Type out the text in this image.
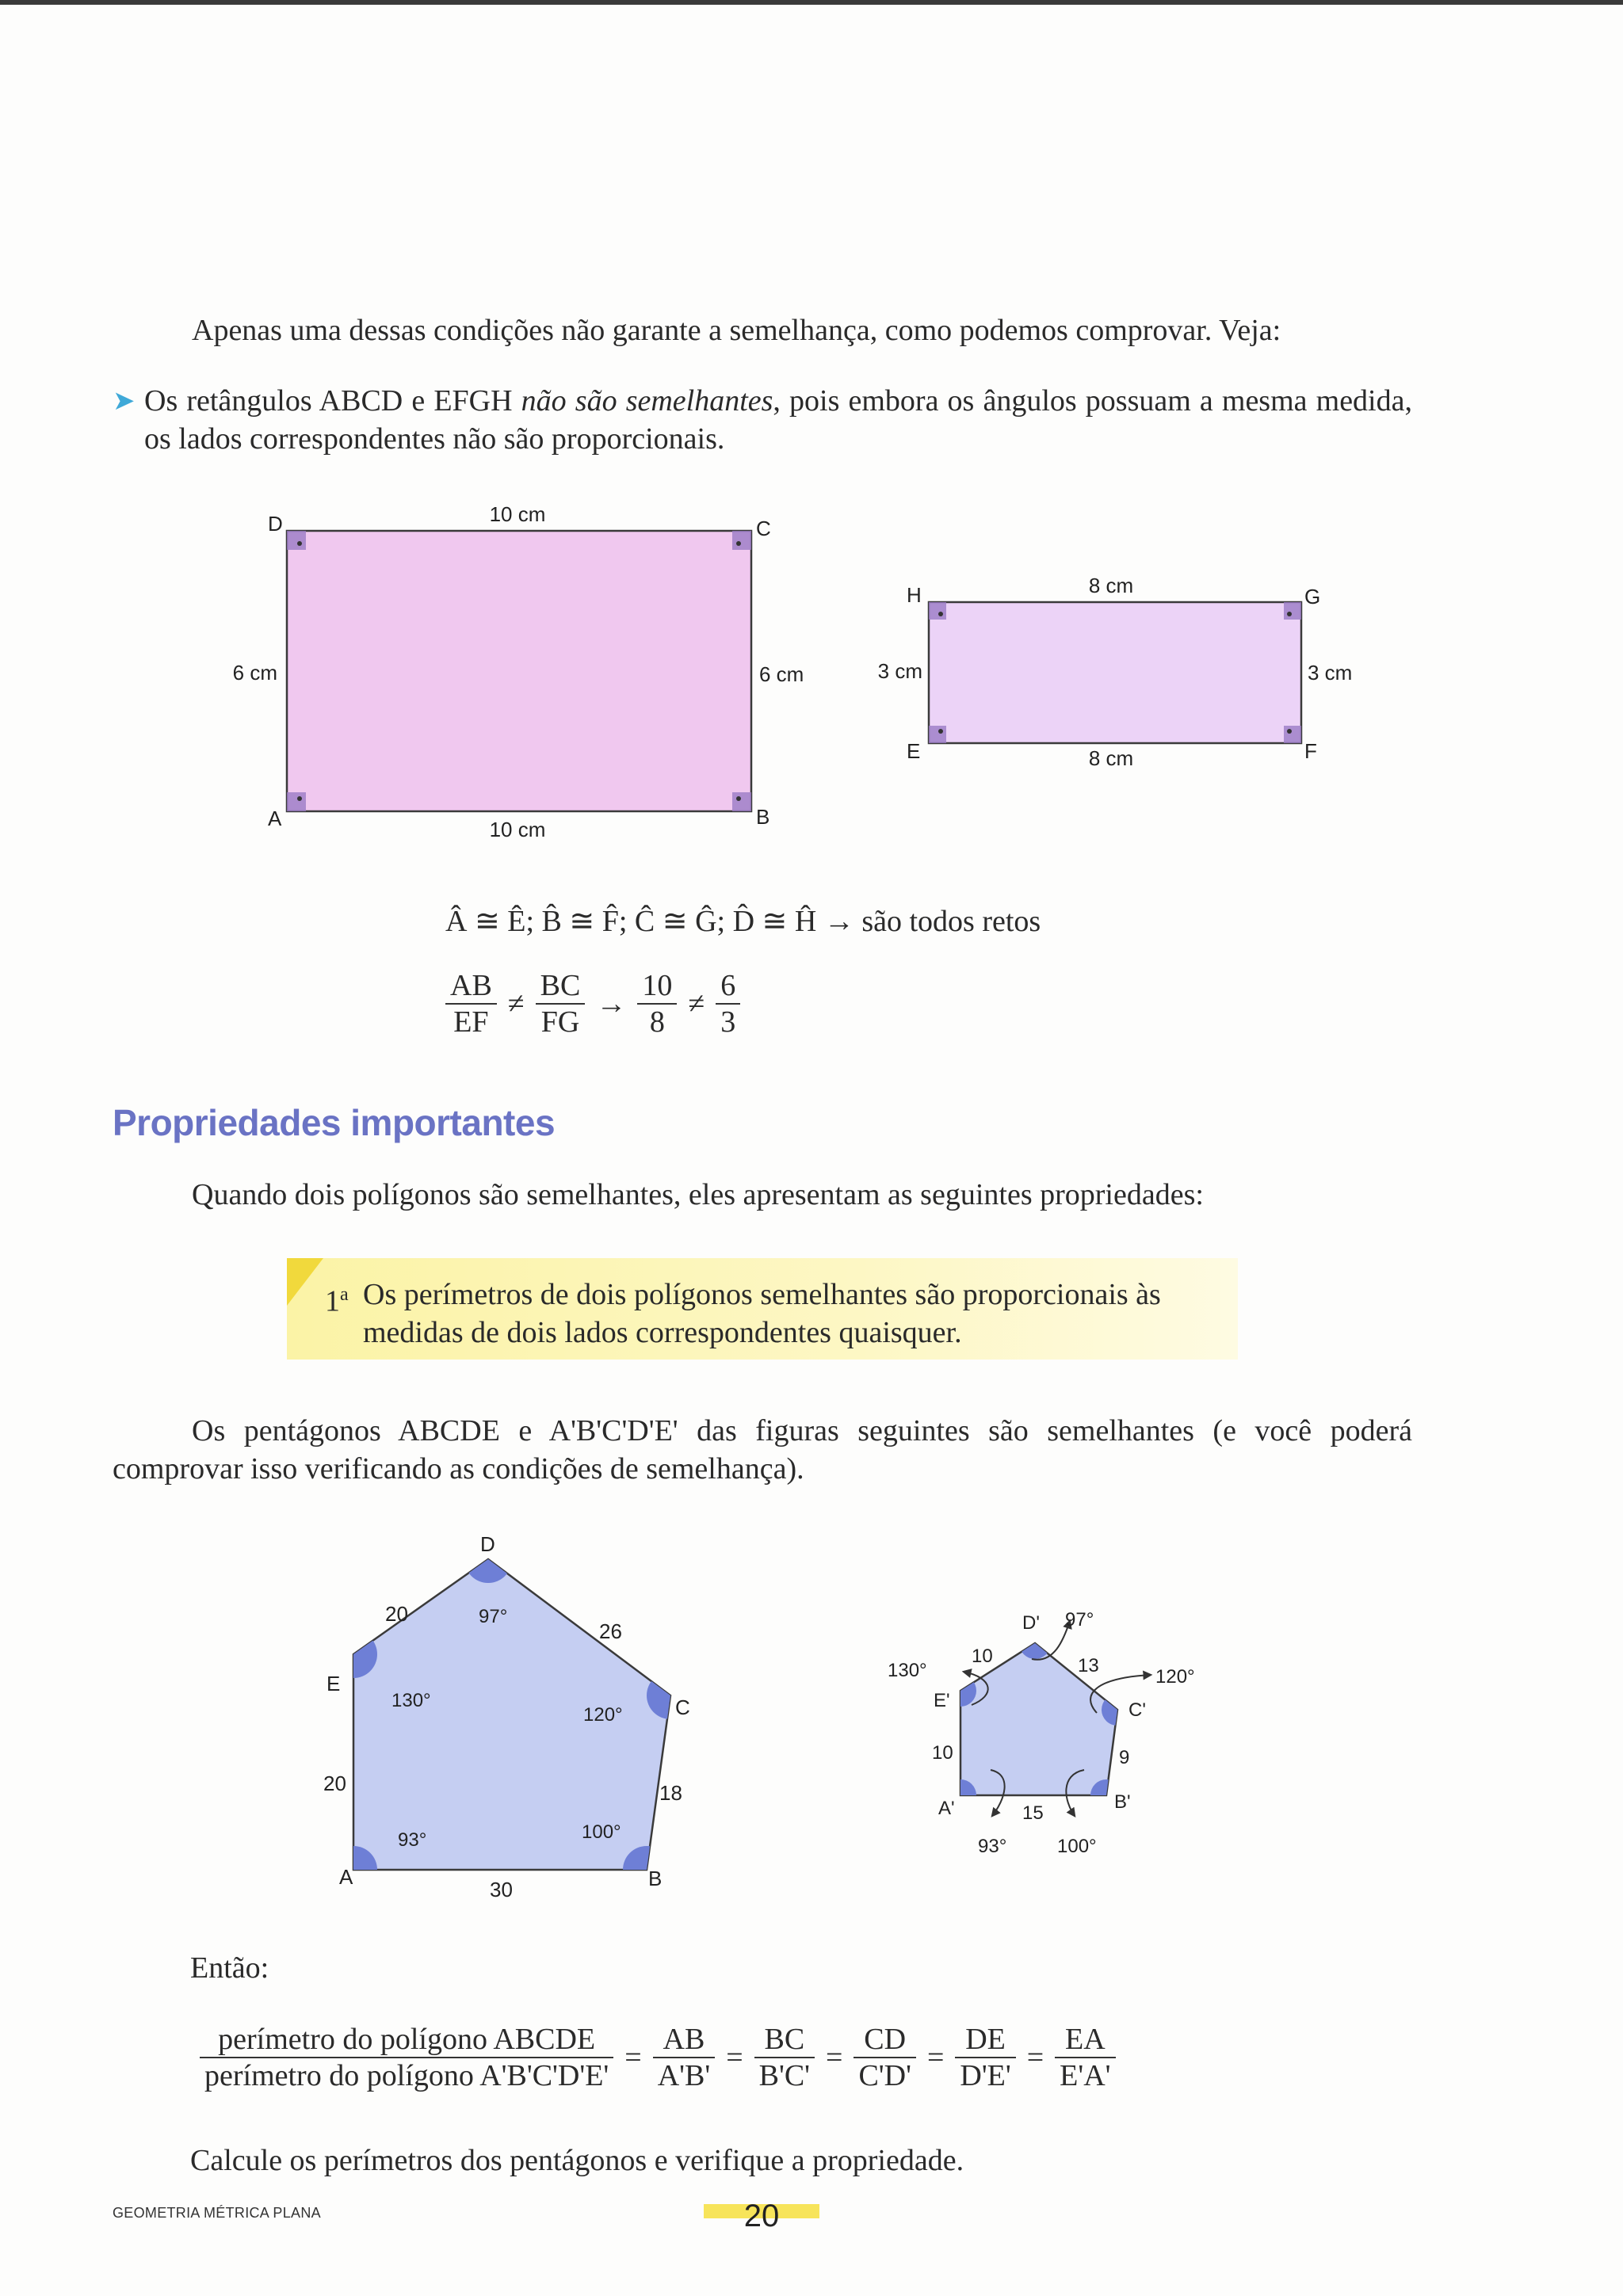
Apenas uma dessas condições não garante a semelhança, como podemos comprovar. Veja:

➤ Os retângulos ABCD e EFGH não são semelhantes, pois embora os ângulos possuam a mesma medida, os lados correspondentes não são proporcionais.
D	C
A	B
10 cm
10 cm
6 cm	6 cm
H	G
E	F
8 cm
8 cm
3 cm	3 cm
Â ≅ Ê; B̂ ≅ F̂; Ĉ ≅ Ĝ; D̂ ≅ Ĥ → são todos retos
$\frac{AB}{EF} \ne \frac{BC}{FG} \to \frac{10}{8} \ne \frac{6}{3}$
Propriedades importantes

Quando dois polígonos são semelhantes, eles apresentam as seguintes propriedades:

1$^a$ Os perímetros de dois polígonos semelhantes são proporcionais às medidas de dois lados correspondentes quaisquer.

Os pentágonos ABCDE e A'B'C'D'E' das figuras seguintes são semelhantes (e você poderá comprovar isso verificando as condições de semelhança).

A	B
C
D
E
30
18
26
20
20
93°	100°
120°
97°
130°
A'	B'
C'
D'
E'
15
9
13
10
10
93°	100°
120°
97°
130°

Então:

$\frac{\text{perímetro do polígono ABCDE}}{\text{perímetro do polígono A'B'C'D'E'}} = \frac{AB}{A'B'} = \frac{BC}{B'C'} = \frac{CD}{C'D'} = \frac{DE}{D'E'} = \frac{EA}{E'A'}$

Calcule os perímetros dos pentágonos e verifique a propriedade.

GEOMETRIA MÉTRICA PLANA	20
